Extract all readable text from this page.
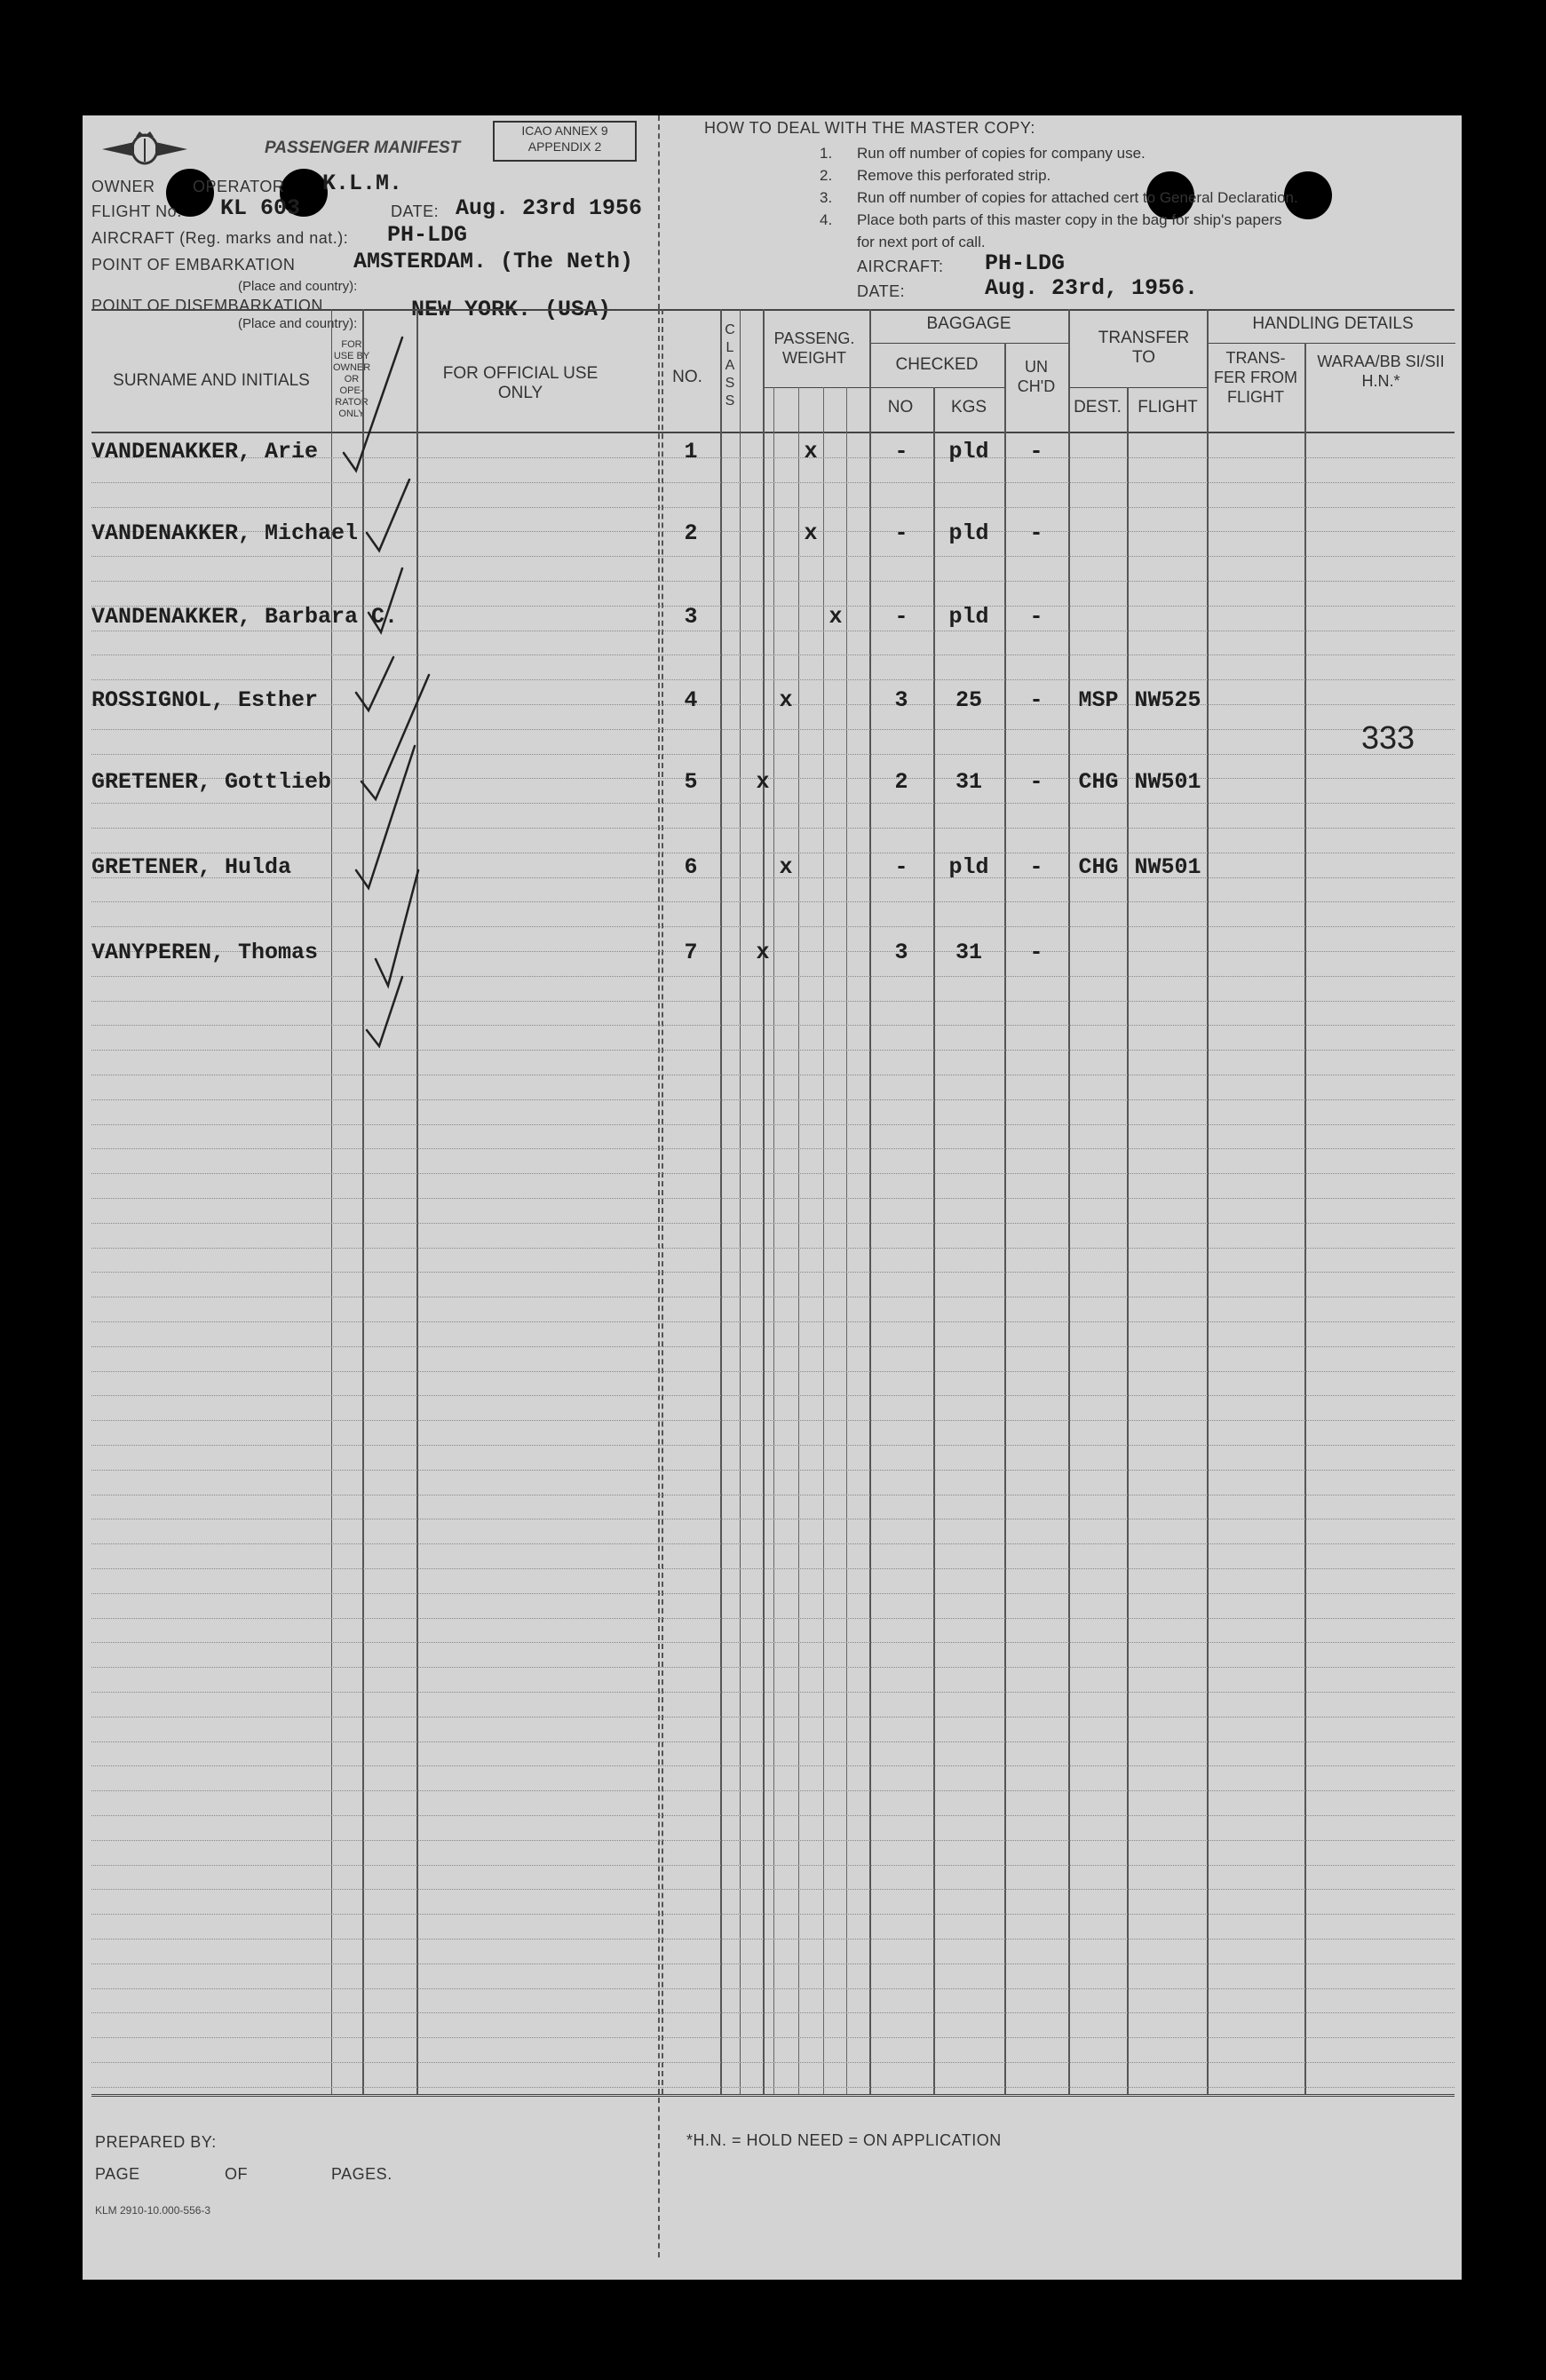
PASSENGER MANIFEST
ICAO ANNEX 9 APPENDIX 2
OWNER OPERATOR K.L.M.
FLIGHT No. KL 603	DATE: Aug. 23rd 1956
AIRCRAFT (Reg. marks and nat.): PH-LDG
POINT OF EMBARKATION	AMSTERDAM. (The Neth)
(Place and country):
POINT OF DISEMBARKATION	NEW YORK. (USA)
(Place and country):
HOW TO DEAL WITH THE MASTER COPY:
1.	Run off number of copies for company use.
2.	Remove this perforated strip.
3.	Run off number of copies for attached cert to General Declaration.
4.	Place both parts of this master copy in the bag for ship's papers
for next port of call.
AIRCRAFT: PH-LDG
DATE:	Aug. 23rd, 1956.
SURNAME AND INITIALS
FOR USE BY OWNER OR OPE- RATOR ONLY
FOR OFFICIAL USE ONLY
NO.
CLASS
PASSENG. WEIGHT
BAGGAGE
CHECKED	UN CH'D
NO	KGS
TRANSFER TO
DEST. FLIGHT
HANDLING DETAILS
TRANS- FER FROM FLIGHT
WARAA/BB SI/SII H.N.*
VANDENAKKER, Arie	1	x	-	pld	-
VANDENAKKER, Michael	2	x	-	pld	-
VANDENAKKER, Barbara C.	3	x	-	pld	-
ROSSIGNOL, Esther	4	x	3	25	-	MSP NW525
GRETENER, Gottlieb	5	x	2	31	-	CHG NW501
GRETENER, Hulda	6	x	-	pld	-	CHG NW501
VANYPEREN, Thomas	7	x	3	31	-
333
PREPARED BY:
PAGE	OF	PAGES.
KLM 2910-10.000-556-3
*H.N. = HOLD NEED = ON APPLICATION
